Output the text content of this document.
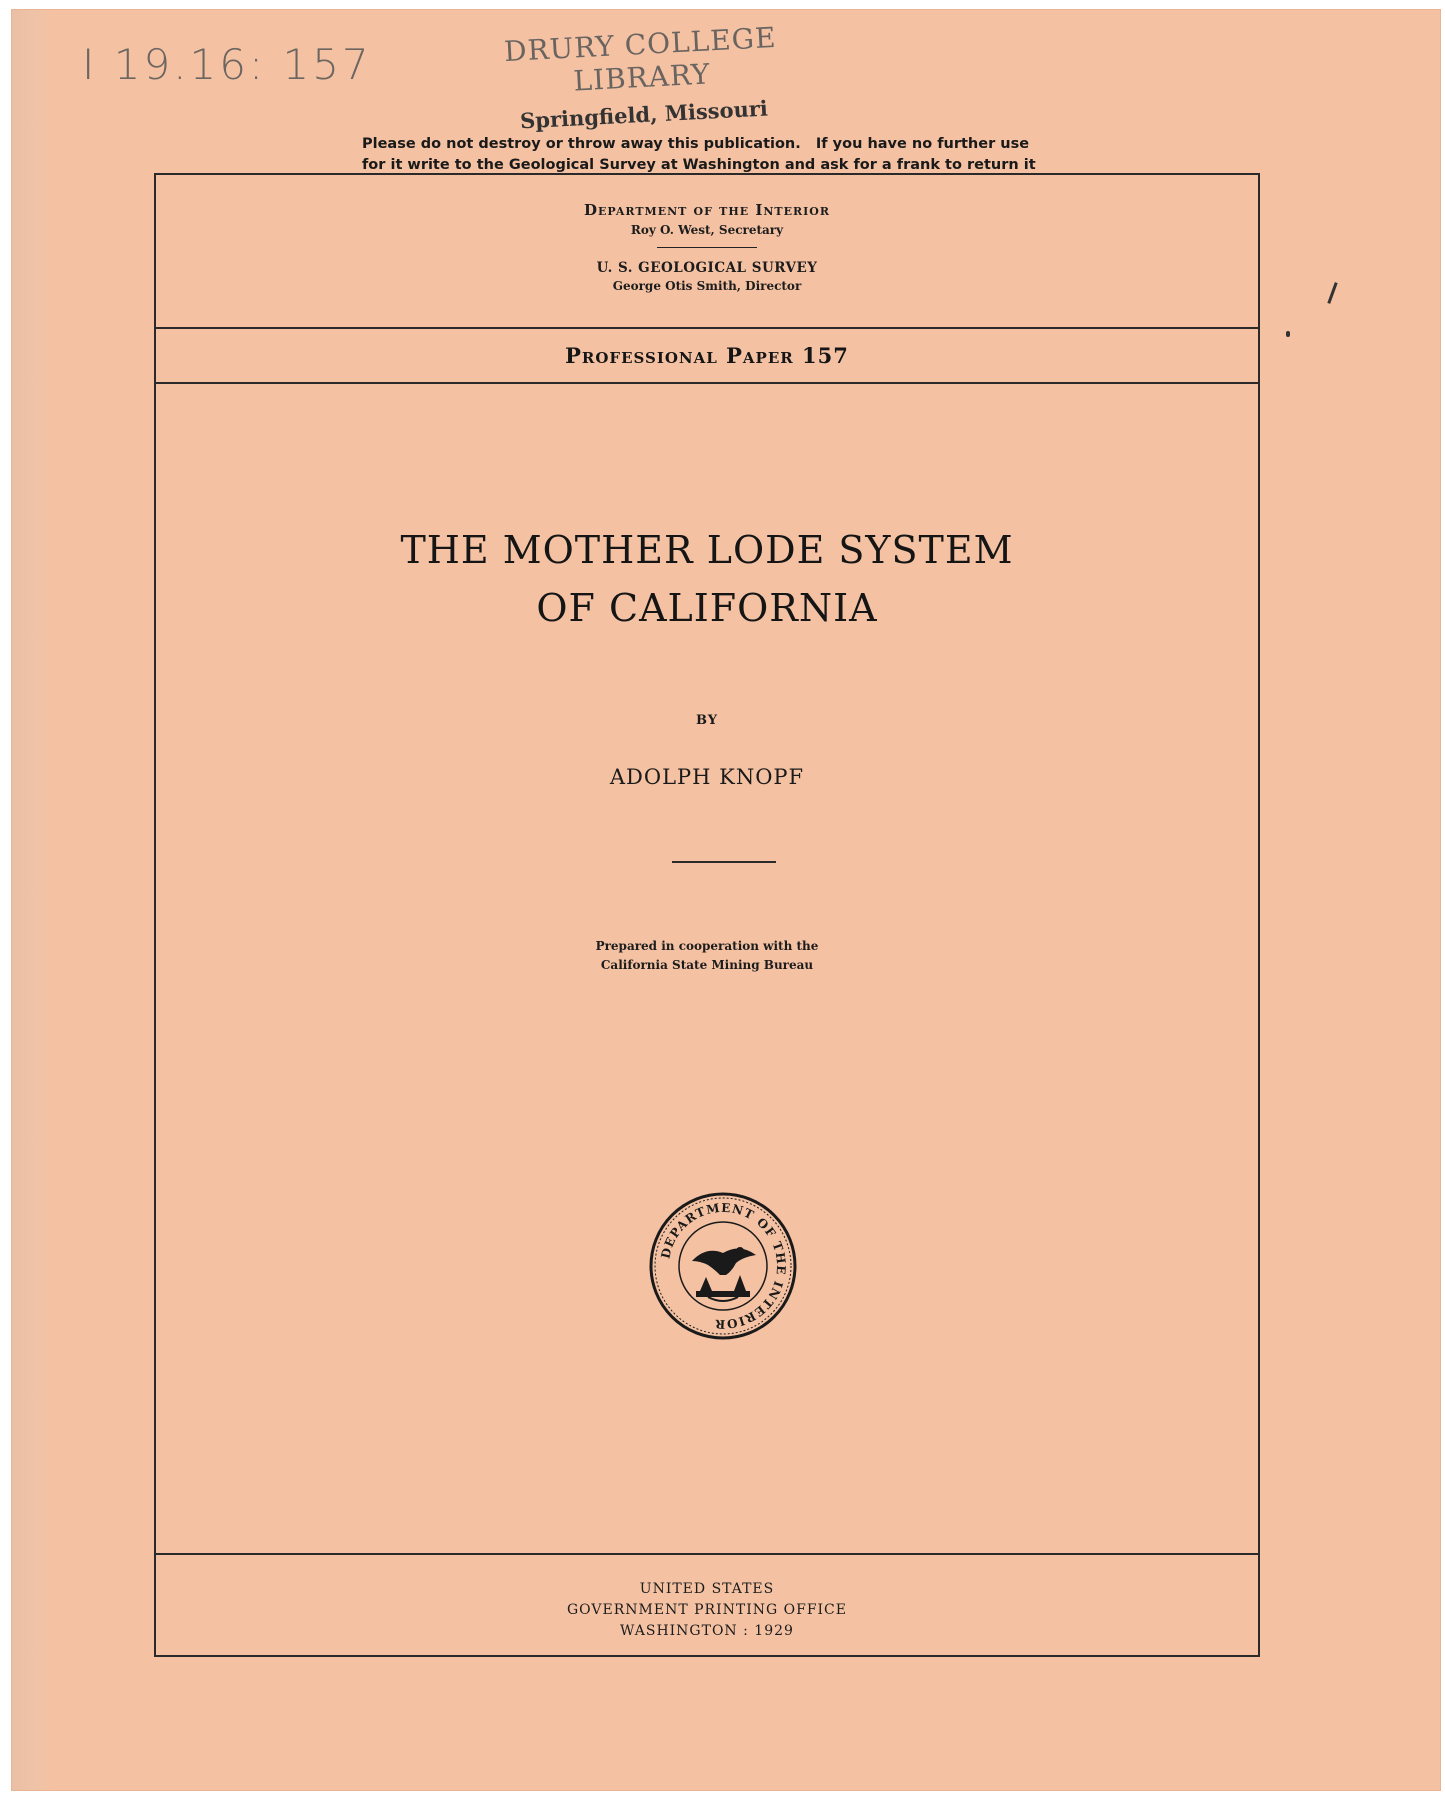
I 19.16: 157	DRURY COLLEGE LIBRARY
Springfield, Missouri
Please do not destroy or throw away this publication.   If you have no further use
for it write to the Geological Survey at Washington and ask for a frank to return it
Department of the Interior
Roy O. West, Secretary
U. S. GEOLOGICAL SURVEY
George Otis Smith, Director
Professional Paper 157
THE MOTHER LODE SYSTEM
OF CALIFORNIA
BY
ADOLPH KNOPF
Prepared in cooperation with the
California State Mining Bureau
DEPARTMENT OF THE INTERIOR
UNITED STATES
GOVERNMENT PRINTING OFFICE
WASHINGTON : 1929
